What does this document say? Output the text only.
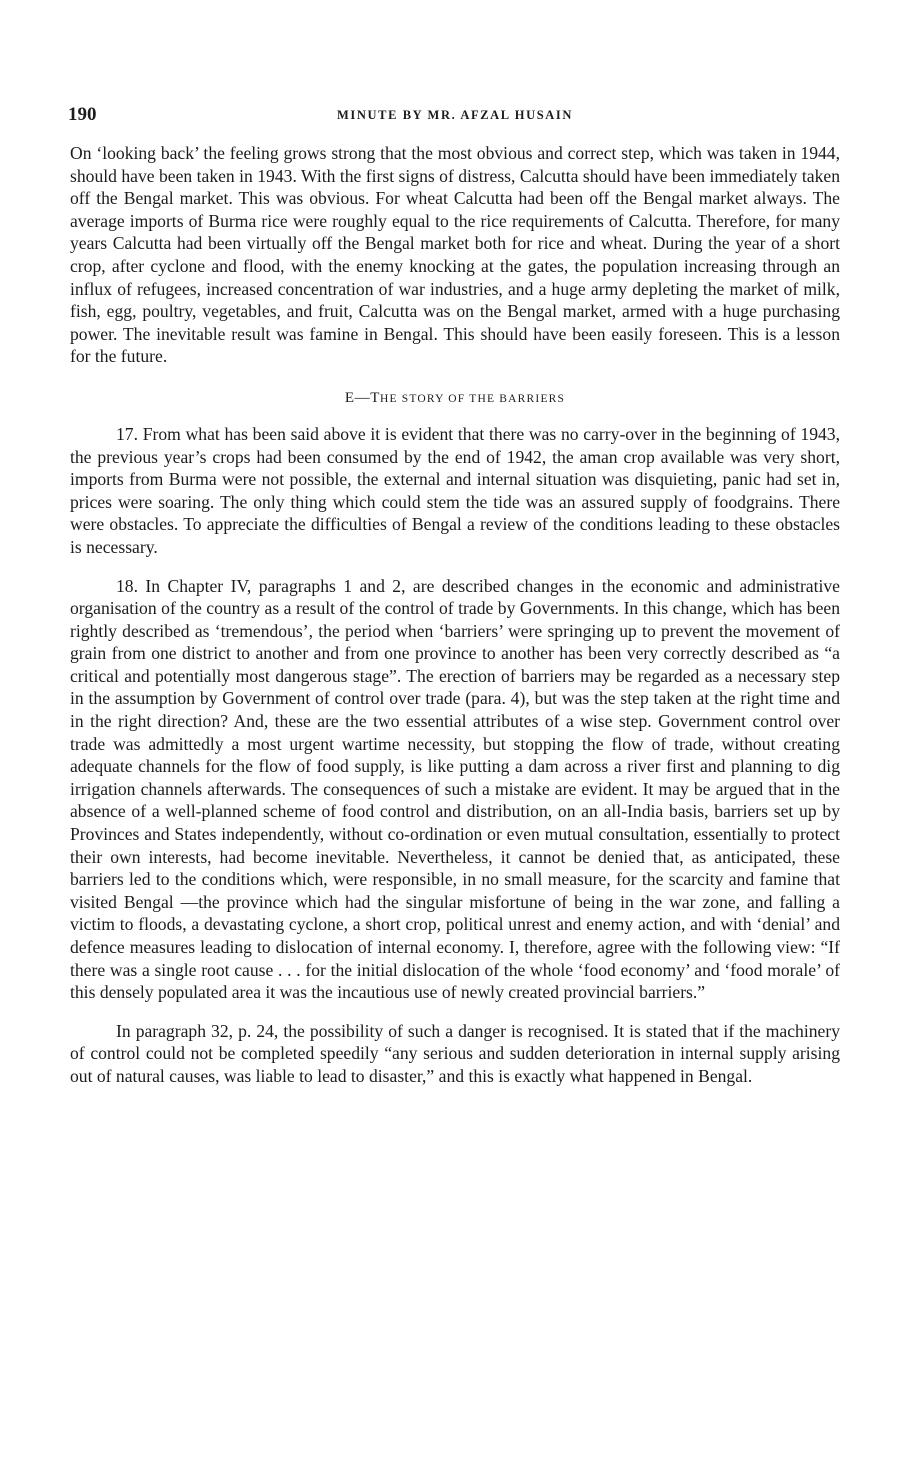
190	MINUTE BY MR. AFZAL HUSAIN

On ‘looking back’ the feeling grows strong that the most obvious and correct step, which was taken in 1944, should have been taken in 1943. With the first signs of distress, Calcutta should have been immediately taken off the Bengal market. This was obvious. For wheat Calcutta had been off the Bengal market always. The average imports of Burma rice were roughly equal to the rice requirements of Calcutta. Therefore, for many years Calcutta had been virtually off the Bengal market both for rice and wheat. During the year of a short crop, after cyclone and flood, with the enemy knocking at the gates, the population increasing through an influx of refugees, increased concentration of war industries, and a huge army depleting the market of milk, fish, egg, poultry, vegetables, and fruit, Calcutta was on the Bengal market, armed with a huge purchasing power. The inevitable result was famine in Bengal. This should have been easily foreseen. This is a lesson for the future.

E—THE STORY OF THE BARRIERS

17. From what has been said above it is evident that there was no carry-over in the beginning of 1943, the previous year’s crops had been consumed by the end of 1942, the aman crop available was very short, imports from Burma were not possible, the external and internal situation was disquieting, panic had set in, prices were soaring. The only thing which could stem the tide was an assured supply of foodgrains. There were obstacles. To appreciate the difficulties of Bengal a review of the conditions leading to these obstacles is necessary.

18. In Chapter IV, paragraphs 1 and 2, are described changes in the economic and administrative organisation of the country as a result of the control of trade by Governments. In this change, which has been rightly described as ‘tremendous’, the period when ‘barriers’ were springing up to prevent the movement of grain from one district to another and from one province to another has been very correctly described as “a critical and potentially most dangerous stage”. The erection of barriers may be regarded as a necessary step in the assumption by Government of control over trade (para. 4), but was the step taken at the right time and in the right direction? And, these are the two essential attributes of a wise step. Government control over trade was admittedly a most urgent wartime necessity, but stopping the flow of trade, without creating adequate channels for the flow of food supply, is like putting a dam across a river first and planning to dig irrigation channels afterwards. The consequences of such a mistake are evident. It may be argued that in the absence of a well-planned scheme of food control and distribution, on an all-India basis, barriers set up by Provinces and States independently, without co-ordination or even mutual consultation, essentially to protect their own interests, had become inevitable. Nevertheless, it cannot be denied that, as anticipated, these barriers led to the conditions which, were responsible, in no small measure, for the scarcity and famine that visited Bengal —the province which had the singular misfortune of being in the war zone, and falling a victim to floods, a devastating cyclone, a short crop, political unrest and enemy action, and with ‘denial’ and defence measures leading to dislocation of internal economy. I, therefore, agree with the following view: “If there was a single root cause . . . for the initial dislocation of the whole ‘food economy’ and ‘food morale’ of this densely populated area it was the incautious use of newly created provincial barriers.”

In paragraph 32, p. 24, the possibility of such a danger is recognised. It is stated that if the machinery of control could not be completed speedily “any serious and sudden deterioration in internal supply arising out of natural causes, was liable to lead to disaster,” and this is exactly what happened in Bengal.
